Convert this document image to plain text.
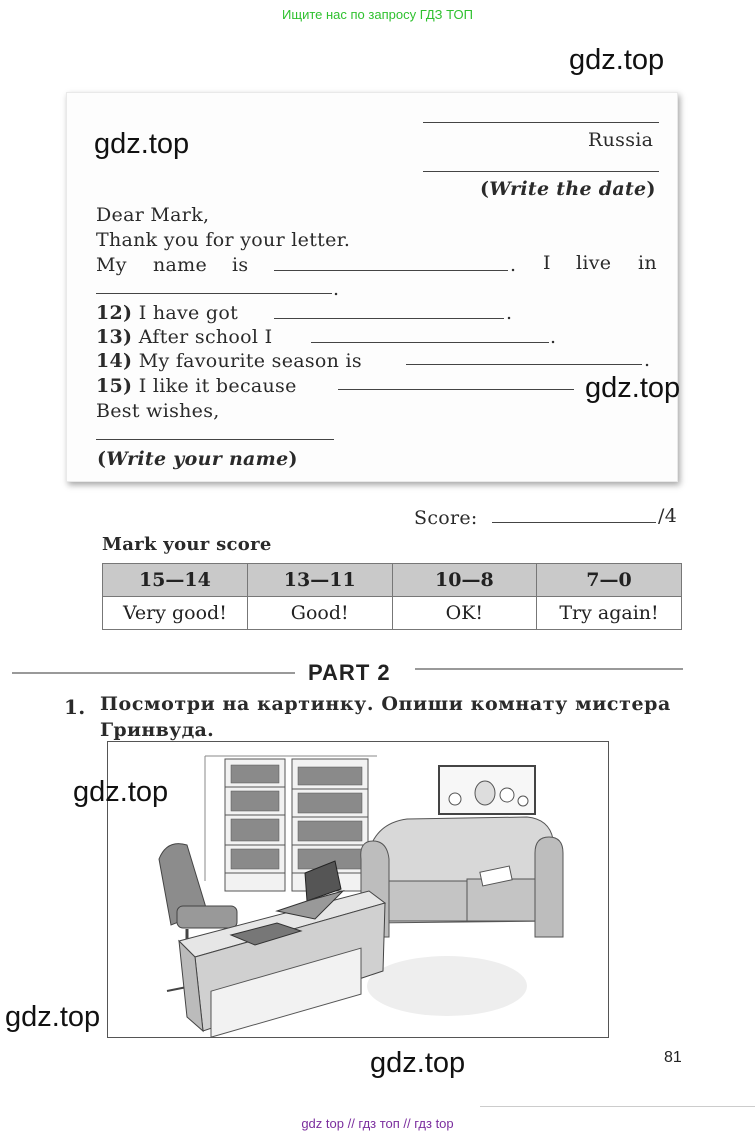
Ищите нас по запросу ГДЗ ТОП
Russia
(Write the date)
Dear Mark,
Thank you for your letter.
My name is	. I live in
.
12) I have got	.
13) After school I	.
14) My favourite season is	.
15) I like it because
Best wishes,
(Write your name)
Score:	/4
Mark your score
15—14	13—11	10—8	7—0
Very good!	Good!	OK!	Try again!
PART 2
1. Посмотри на картинку. Опиши комнату мистера
Гринвуда.
gdz.top
gdz.top
gdz.top
gdz.top
gdz.top
gdz.top	81
gdz top // гдз топ // гдз top
